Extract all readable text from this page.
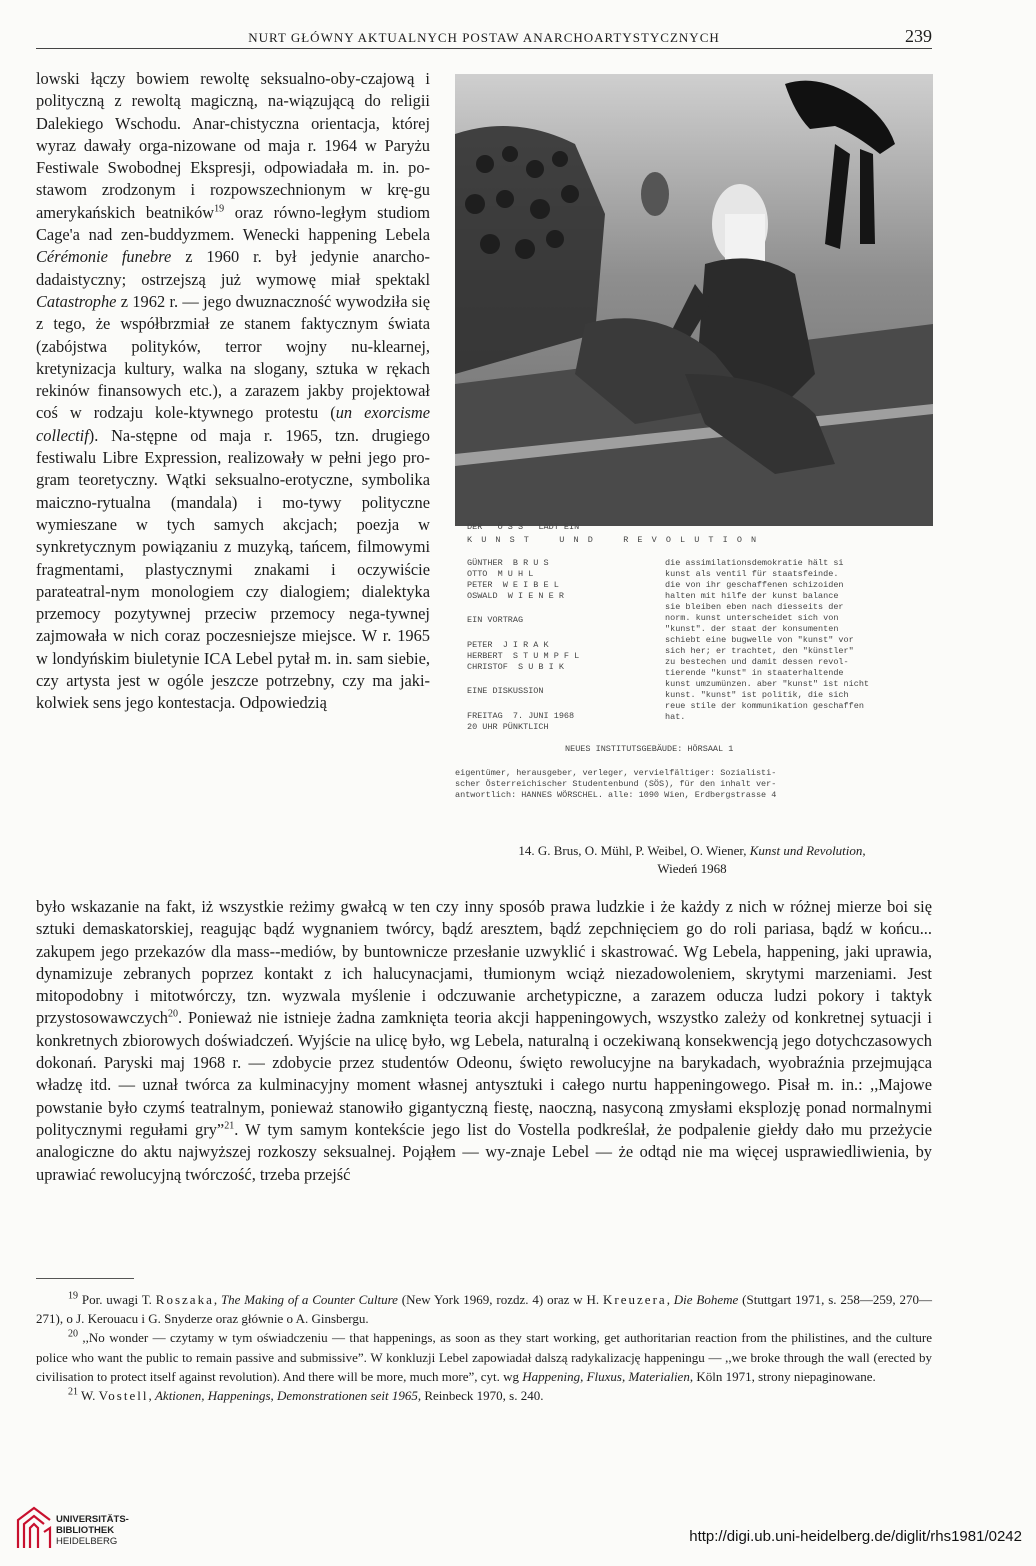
NURT GŁÓWNY AKTUALNYCH POSTAW ANARCHOARTYSTYCZNYCH	239

lowski łączy bowiem rewoltę seksualno-oby-czajową i polityczną z rewoltą magiczną, na-wiązującą do religii Dalekiego Wschodu. Anar-chistyczna orientacja, której wyraz dawały orga-nizowane od maja r. 1964 w Paryżu Festiwale Swobodnej Ekspresji, odpowiadała m. in. po-stawom zrodzonym i rozpowszechnionym w krę-gu amerykańskich beatników$^{19}$ oraz równo-ległym studiom Cage'a nad zen-buddyzmem. Wenecki happening Lebela Cérémonie funebre z 1960 r. był jedynie anarcho-dadaistyczny; ostrzejszą już wymowę miał spektakl Catastrophe z 1962 r. — jego dwuznaczność wywodziła się z tego, że współbrzmiał ze stanem faktycznym świata (zabójstwa polityków, terror wojny nu-klearnej, kretynizacja kultury, walka na slogany, sztuka w rękach rekinów finansowych etc.), a zarazem jakby projektował coś w rodzaju kole-ktywnego protestu (un exorcisme collectif). Na-stępne od maja r. 1965, tzn. drugiego festiwalu Libre Expression, realizowały w pełni jego pro-gram teoretyczny. Wątki seksualno-erotyczne, symbolika maiczno-rytualna (mandala) i mo-tywy polityczne wymieszane w tych samych akcjach; poezja w synkretycznym powiązaniu z muzyką, tańcem, filmowymi fragmentami, plastycznymi znakami i oczywiście parateatral-nym monologiem czy dialogiem; dialektyka przemocy pozytywnej przeciw przemocy nega-tywnej zajmowała w nich coraz poczesniejsze miejsce. W r. 1965 w londyńskim biuletynie ICA Lebel pytał m. in. sam siebie, czy artysta jest w ogóle jeszcze potrzebny, czy ma jaki-kolwiek sens jego kontestacja. Odpowiedzią

DER   Ö S S   LADT EIN
K U N S T    U N D    R E V O L U T I O N
GÜNTHER  B R U S
OTTO  M U H L
PETER  W E I B E L
OSWALD  W I E N E R
EIN VORTRAG
PETER  J I R A K
HERBERT  S T U M P F L
CHRISTOF  S U B I K
EINE DISKUSSION
FREITAG  7. JUNI 1968
20 UHR PÜNKTLICH
die assimilationsdemokratie hält si
kunst als ventil für staatsfeinde.
die von ihr geschaffenen schizoiden
halten mit hilfe der kunst balance
sie bleiben eben nach diesseits der
norm. kunst unterscheidet sich von
"kunst". der staat der konsumenten
schiebt eine bugwelle von "kunst" vor
sich her; er trachtet, den "künstler"
zu bestechen und damit dessen revol-
tierende "kunst" in staaterhaltende
kunst umzumünzen. aber "kunst" ist nicht
kunst. "kunst" ist politik, die sich
reue stile der kommunikation geschaffen
hat.
NEUES INSTITUTSGEBÄUDE: HÖRSAAL 1
eigentümer, herausgeber, verleger, vervielfältiger: Sozialisti-
scher Österreichischer Studentenbund (SÖS), für den inhalt ver-
antwortlich: HANNES WÖRSCHEL. alle: 1090 Wien, Erdbergstrasse 4
14. G. Brus, O. Mühl, P. Weibel, O. Wiener, Kunst und Revolution,
Wiedeń 1968

było wskazanie na fakt, iż wszystkie reżimy gwałcą w ten czy inny sposób prawa ludzkie i że każdy z nich w różnej mierze boi się sztuki demaskatorskiej, reagując bądź wygnaniem twórcy, bądź aresztem, bądź zepchnięciem go do roli pariasa, bądź w końcu... zakupem jego przekazów dla mass--mediów, by buntownicze przesłanie uzwyklić i skastrować. Wg Lebela, happening, jaki uprawia, dynamizuje zebranych poprzez kontakt z ich halucynacjami, tłumionym wciąż niezadowoleniem, skrytymi marzeniami. Jest mitopodobny i mitotwórczy, tzn. wyzwala myślenie i odczuwanie archetypiczne, a zarazem oducza ludzi pokory i taktyk przystosowawczych$^{20}$. Ponieważ nie istnieje żadna zamknięta teoria akcji happeningowych, wszystko zależy od konkretnej sytuacji i konkretnych zbiorowych doświadczeń. Wyjście na ulicę było, wg Lebela, naturalną i oczekiwaną konsekwencją jego dotychczasowych dokonań. Paryski maj 1968 r. — zdobycie przez studentów Odeonu, święto rewolucyjne na barykadach, wyobraźnia przejmująca władzę itd. — uznał twórca za kulminacyjny moment własnej antysztuki i całego nurtu happeningowego. Pisał m. in.: ,,Majowe powstanie było czymś teatralnym, ponieważ stanowiło gigantyczną fiestę, naoczną, nasyconą zmysłami eksplozję ponad normalnymi politycznymi regułami gry”$^{21}$. W tym samym kontekście jego list do Vostella podkreślał, że podpalenie giełdy dało mu przeżycie analogiczne do aktu najwyższej rozkoszy seksualnej. Pojąłem — wy-znaje Lebel — że odtąd nie ma więcej usprawiedliwienia, by uprawiać rewolucyjną twórczość, trzeba przejść

$^{19}$ Por. uwagi T. Roszaka, The Making of a Counter Culture (New York 1969, rozdz. 4) oraz w H. Kreuzera, Die Boheme (Stuttgart 1971, s. 258—259, 270—271), o J. Kerouacu i G. Snyderze oraz głównie o A. Ginsbergu.

$^{20}$ ,,No wonder — czytamy w tym oświadczeniu — that happenings, as soon as they start working, get authoritarian reaction from the philistines, and the culture police who want the public to remain passive and submissive”. W konkluzji Lebel zapowiadał dalszą radykalizację happeningu — ,,we broke through the wall (erected by civilisation to protect itself against revolution). And there will be more, much more”, cyt. wg Happening, Fluxus, Materialien, Köln 1971, strony niepaginowane.

$^{21}$ W. Vostell, Aktionen, Happenings, Demonstrationen seit 1965, Reinbeck 1970, s. 240.

UNIVERSITÄTS-
BIBLIOTHEK
HEIDELBERG	http://digi.ub.uni-heidelberg.de/diglit/rhs1981/0242
